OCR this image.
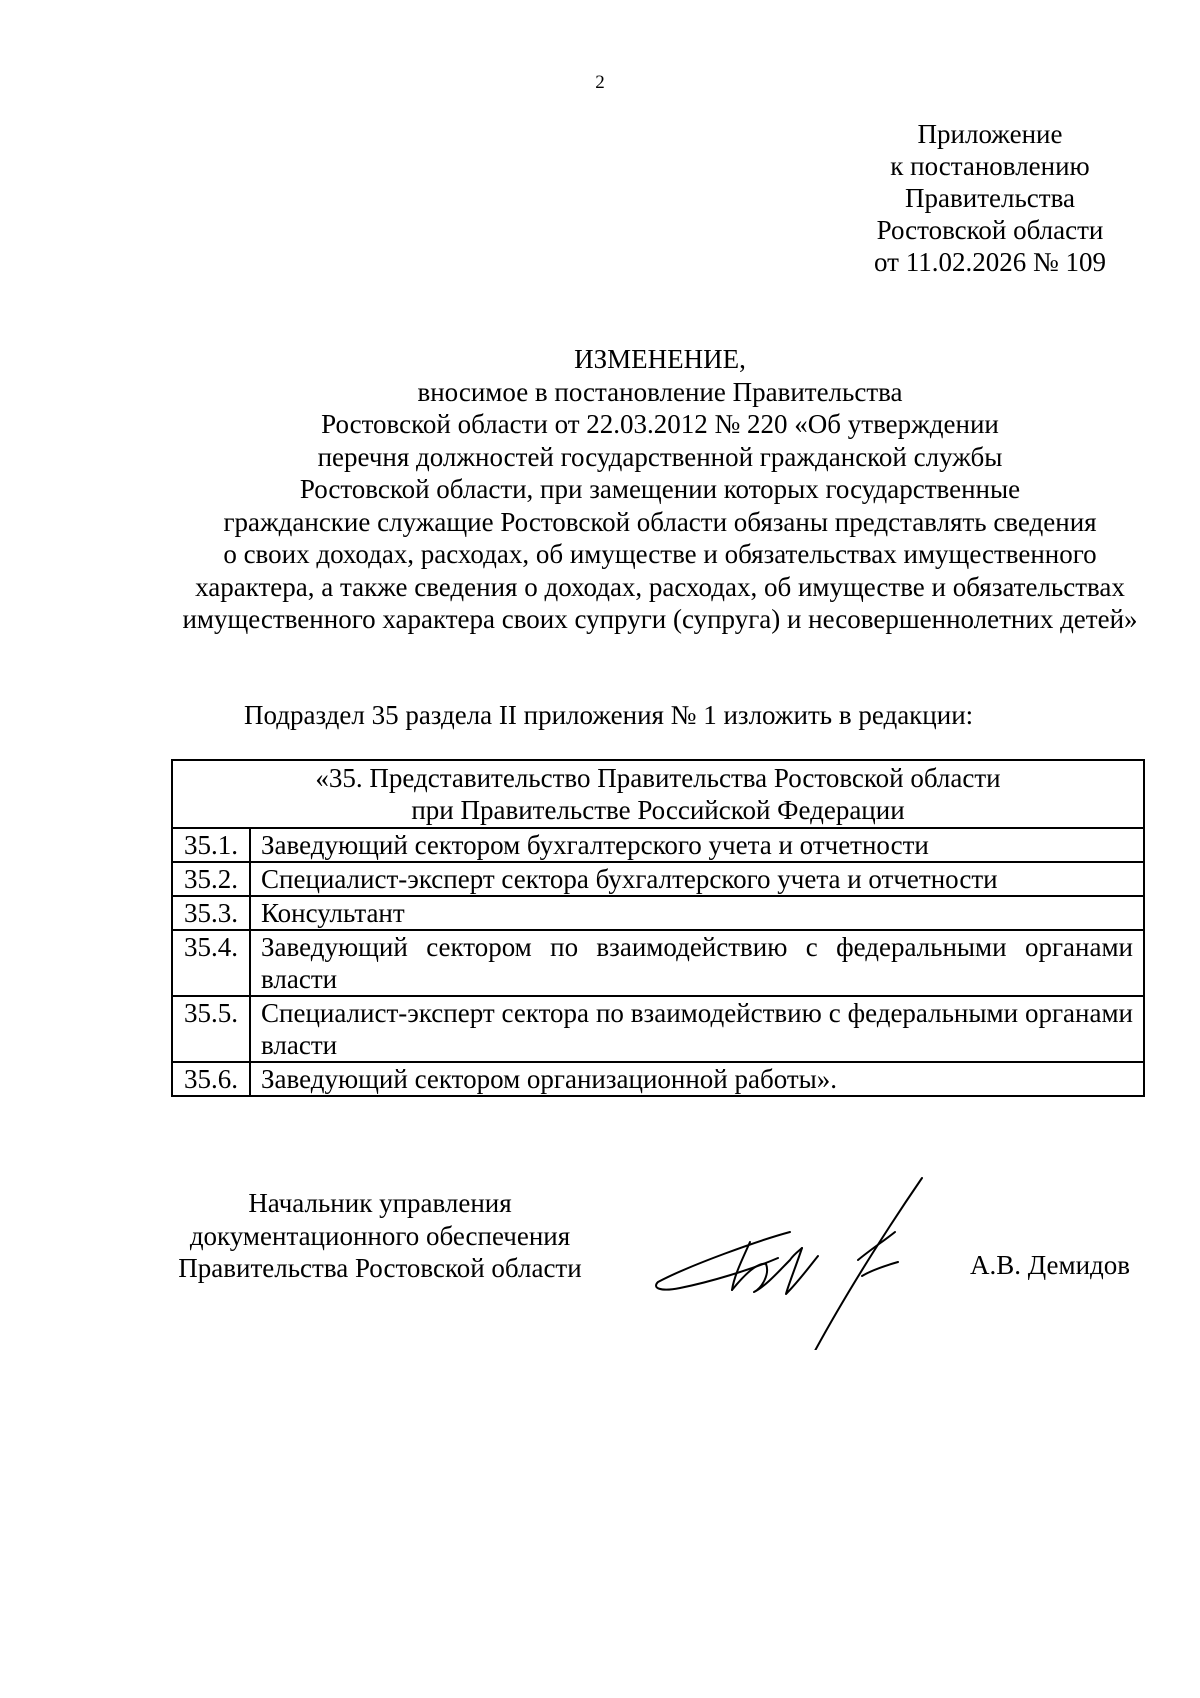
2
Приложение
к постановлению
Правительства
Ростовской области
от 11.02.2026 № 109
ИЗМЕНЕНИЕ,
вносимое в постановление Правительства
Ростовской области от 22.03.2012 № 220 «Об утверждении
перечня должностей государственной гражданской службы
Ростовской области, при замещении которых государственные
гражданские служащие Ростовской области обязаны представлять сведения
о своих доходах, расходах, об имуществе и обязательствах имущественного
характера, а также сведения о доходах, расходах, об имуществе и обязательствах
имущественного характера своих супруги (супруга) и несовершеннолетних детей»
Подраздел 35 раздела II приложения № 1 изложить в редакции:
«35. Представительство Правительства Ростовской области
при Правительстве Российской Федерации	

35.1.	Заведующий сектором бухгалтерского учета и отчетности
35.2.	Специалист-эксперт сектора бухгалтерского учета и отчетности
35.3.	Консультант
35.4.	Заведующий сектором по взаимодействию с федеральными органами власти
35.5.	Специалист-эксперт сектора по взаимодействию с федеральными органами власти
35.6.	Заведующий сектором организационной работы».
Начальник управления
документационного обеспечения
Правительства Ростовской области	А.В. Демидов
